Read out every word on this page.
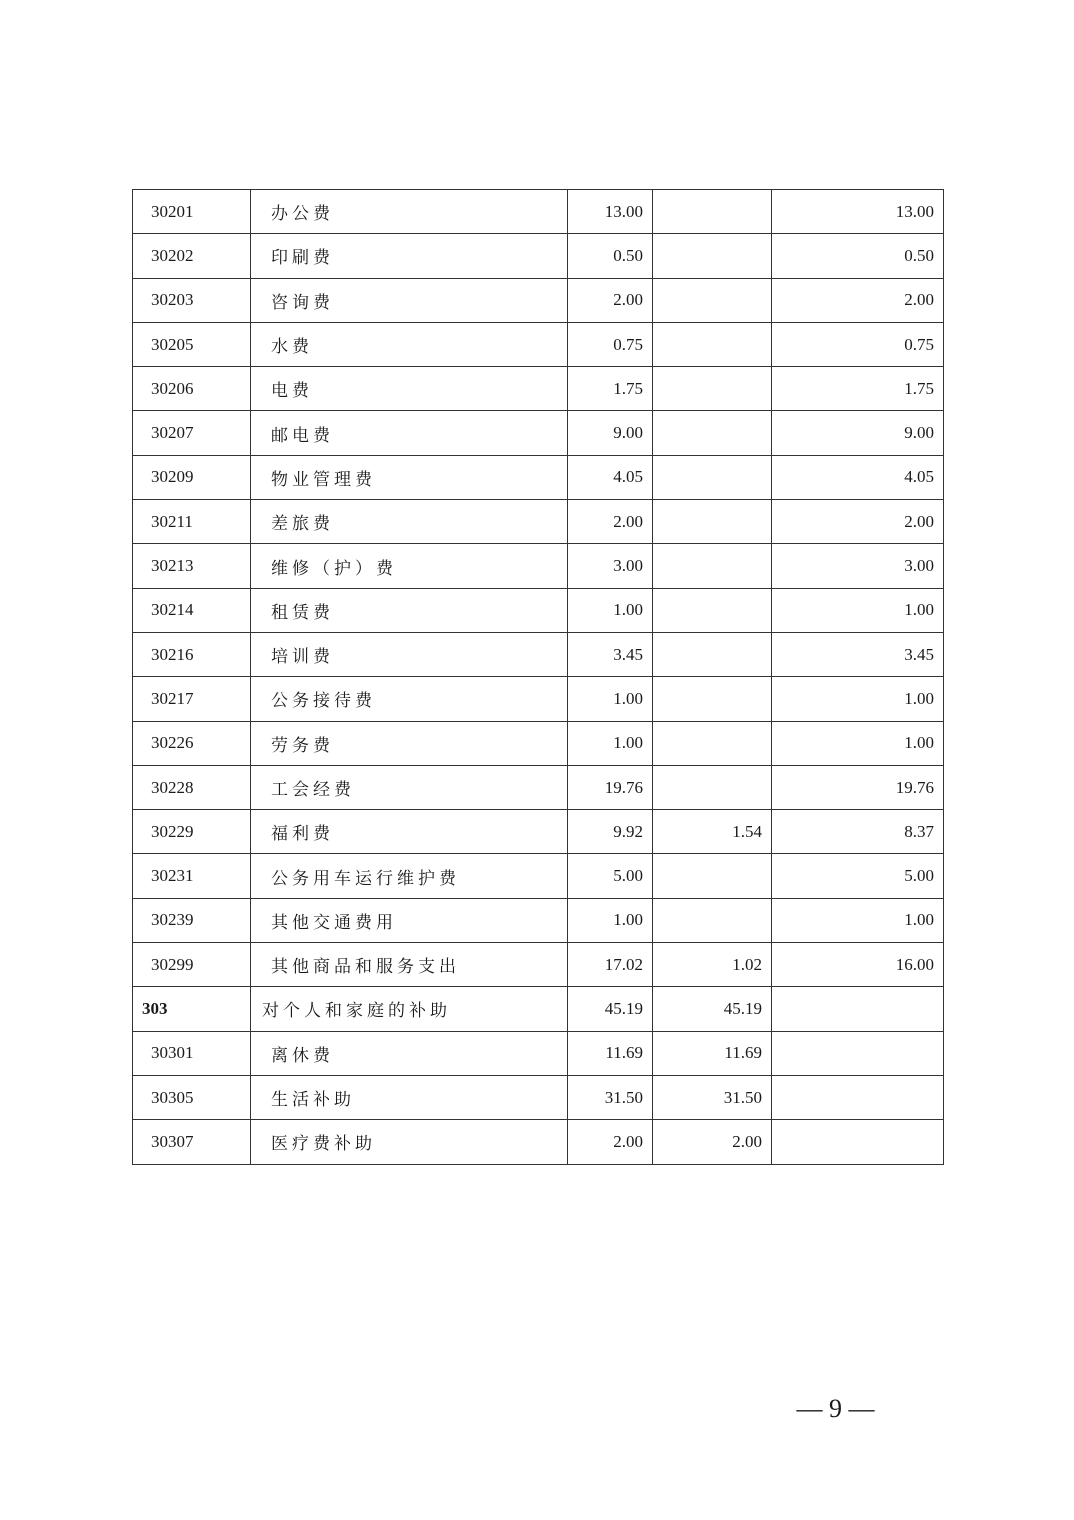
30201	办公费	13.00		13.00
30202	印刷费	0.50		0.50
30203	咨询费	2.00		2.00
30205	水费	0.75		0.75
30206	电费	1.75		1.75
30207	邮电费	9.00		9.00
30209	物业管理费	4.05		4.05
30211	差旅费	2.00		2.00
30213	维修（护）费	3.00		3.00
30214	租赁费	1.00		1.00
30216	培训费	3.45		3.45
30217	公务接待费	1.00		1.00
30226	劳务费	1.00		1.00
30228	工会经费	19.76		19.76
30229	福利费	9.92	1.54	8.37
30231	公务用车运行维护费	5.00		5.00
30239	其他交通费用	1.00		1.00
30299	其他商品和服务支出	17.02	1.02	16.00
303	对个人和家庭的补助	45.19	45.19	
30301	离休费	11.69	11.69	
30305	生活补助	31.50	31.50	
30307	医疗费补助	2.00	2.00	
— 9 —
